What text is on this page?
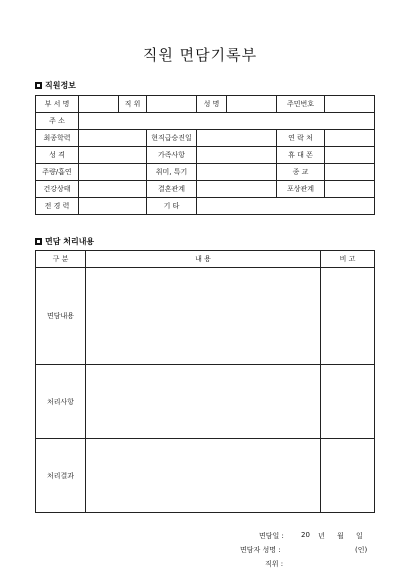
직원 면담기록부
직원정보
부 서 명		직 위		성 명		주민번호	
주 소							
최종학력			현직급승진일			연 락 처	
성 격			가족사항			휴 대 폰	
주량/흡연			취미, 특기			종 교	
건강상태			결혼관계			포상관계	
전 경 력			기 타				
면담 처리내용
구 분	내 용	비 고
면담내용		
처리사항		
처리결과		
면담일 : 20 년 월 일
면담자 성명 :	(인)
직위 :
